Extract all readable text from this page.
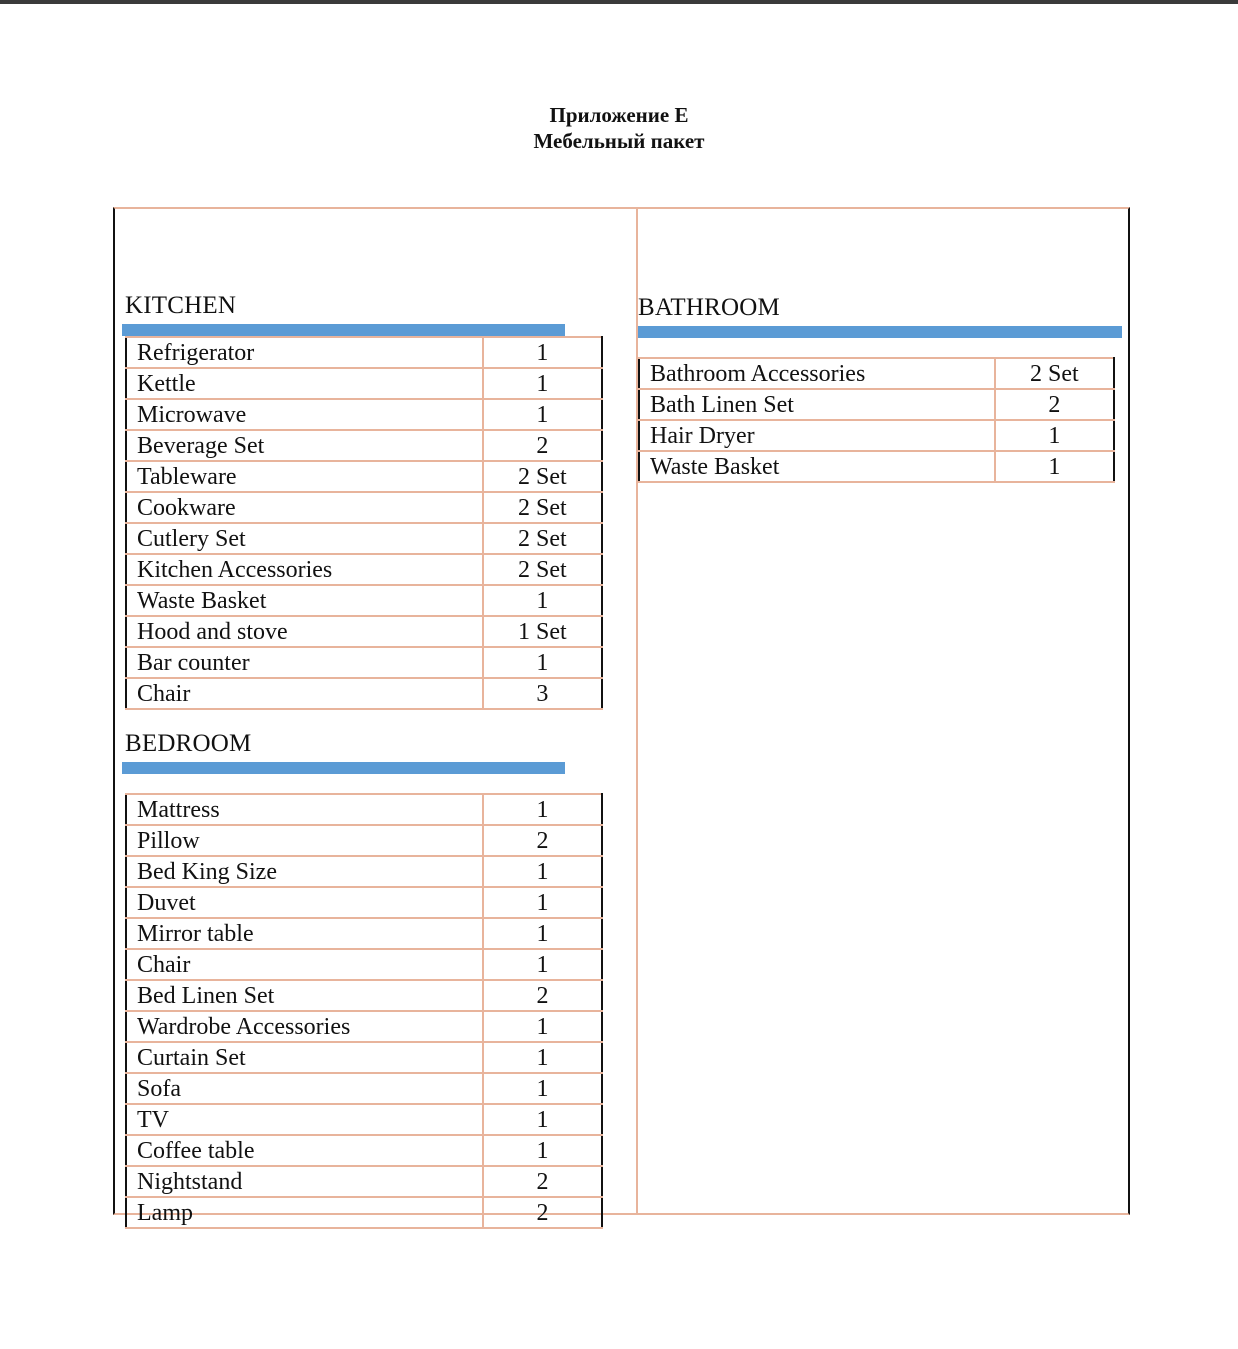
Приложение Е
Мебельный пакет
KITCHEN
Refrigerator	1
Kettle	1
Microwave	1
Beverage Set	2
Tableware	2 Set
Cookware	2 Set
Cutlery Set	2 Set
Kitchen Accessories	2 Set
Waste Basket	1
Hood and stove	1 Set
Bar counter	1
Chair	3
BEDROOM
Mattress	1
Pillow	2
Bed King Size	1
Duvet	1
Mirror table	1
Chair	1
Bed Linen Set	2
Wardrobe Accessories	1
Curtain Set	1
Sofa	1
TV	1
Coffee table	1
Nightstand	2
Lamp	2
BATHROOM
Bathroom Accessories	2 Set
Bath Linen Set	2
Hair Dryer	1
Waste Basket	1
